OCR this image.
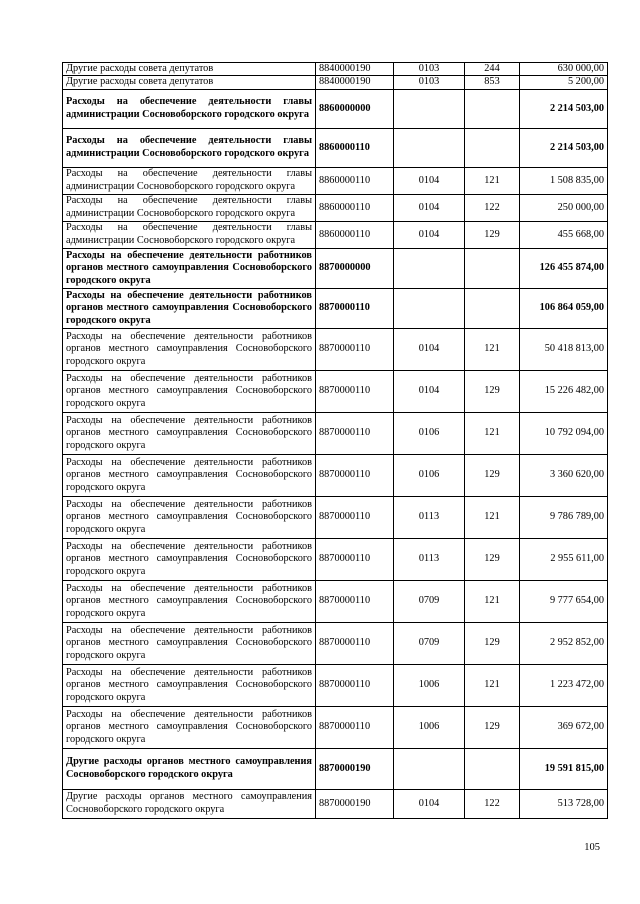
Другие расходы совета депутатов	8840000190	0103	244	630 000,00
Другие расходы совета депутатов	8840000190	0103	853	5 200,00
Расходы на обеспечение деятельности главы администрации Сосновоборского городского округа	8860000000			2 214 503,00
Расходы на обеспечение деятельности главы администрации Сосновоборского городского округа	8860000110			2 214 503,00
Расходы на обеспечение деятельности главы администрации Сосновоборского городского округа	8860000110	0104	121	1 508 835,00
Расходы на обеспечение деятельности главы администрации Сосновоборского городского округа	8860000110	0104	122	250 000,00
Расходы на обеспечение деятельности главы администрации Сосновоборского городского округа	8860000110	0104	129	455 668,00
Расходы на обеспечение деятельности работников органов местного самоуправления Сосновоборского городского округа	8870000000			126 455 874,00
Расходы на обеспечение деятельности работников органов местного самоуправления Сосновоборского городского округа	8870000110			106 864 059,00
Расходы на обеспечение деятельности работников органов местного самоуправления Сосновоборского городского округа	8870000110	0104	121	50 418 813,00
Расходы на обеспечение деятельности работников органов местного самоуправления Сосновоборского городского округа	8870000110	0104	129	15 226 482,00
Расходы на обеспечение деятельности работников органов местного самоуправления Сосновоборского городского округа	8870000110	0106	121	10 792 094,00
Расходы на обеспечение деятельности работников органов местного самоуправления Сосновоборского городского округа	8870000110	0106	129	3 360 620,00
Расходы на обеспечение деятельности работников органов местного самоуправления Сосновоборского городского округа	8870000110	0113	121	9 786 789,00
Расходы на обеспечение деятельности работников органов местного самоуправления Сосновоборского городского округа	8870000110	0113	129	2 955 611,00
Расходы на обеспечение деятельности работников органов местного самоуправления Сосновоборского городского округа	8870000110	0709	121	9 777 654,00
Расходы на обеспечение деятельности работников органов местного самоуправления Сосновоборского городского округа	8870000110	0709	129	2 952 852,00
Расходы на обеспечение деятельности работников органов местного самоуправления Сосновоборского городского округа	8870000110	1006	121	1 223 472,00
Расходы на обеспечение деятельности работников органов местного самоуправления Сосновоборского городского округа	8870000110	1006	129	369 672,00
Другие расходы органов местного самоуправления Сосновоборского городского округа	8870000190			19 591 815,00
Другие расходы органов местного самоуправления Сосновоборского городского округа	8870000190	0104	122	513 728,00
105
